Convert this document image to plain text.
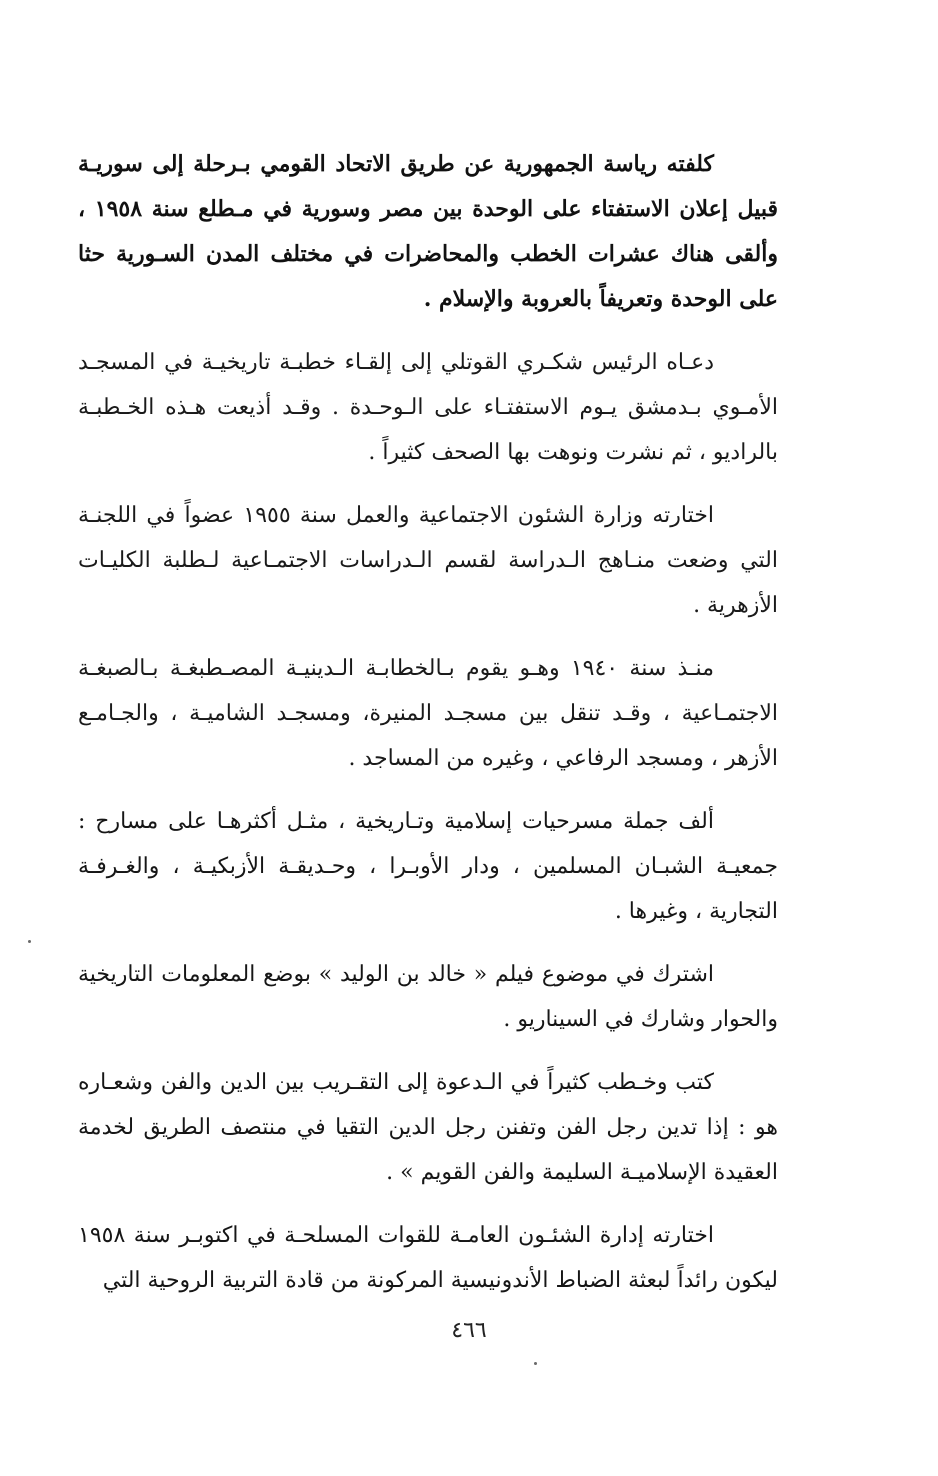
كلفته رياسة الجمهورية عن طريق الاتحاد القومي بـرحلة إلى سوريـة قبيل إعلان الاستفتاء على الوحدة بين مصر وسورية في مـطلع سنة ١٩٥٨ ، وألقى هناك عشرات الخطب والمحاضرات في مختلف المدن السـورية حثا على الوحدة وتعريفاً بالعروبة والإسلام .

دعـاه الرئيس شكـري القوتلي إلى إلقـاء خطبـة تاريخيـة في المسجـد الأمـوي بـدمشق يـوم الاستفتـاء على الـوحـدة . وقـد أذيعت هـذه الخـطبـة بالراديو ، ثم نشرت ونوهت بها الصحف كثيراً .

اختارته وزارة الشئون الاجتماعية والعمل سنة ١٩٥٥ عضواً في اللجنـة التي وضعت منـاهج الـدراسة لقسم الـدراسات الاجتمـاعية لـطلبة الكليـات الأزهرية .

منـذ سنة ١٩٤٠ وهـو يقوم بـالخطابـة الـدينيـة المصـطبغـة بـالصبغـة الاجتمـاعية ، وقـد تنقل بين مسجـد المنيرة، ومسجـد الشاميـة ، والجـامـع الأزهر ، ومسجد الرفاعي ، وغيره من المساجد .

ألف جملة مسرحيات إسلامية وتـاريخية ، مثـل أكثرهـا على مسارح : جمعيـة الشبـان المسلمين ، ودار الأوبـرا ، وحـديقـة الأزبكيـة ، والغـرفـة التجارية ، وغيرها .

اشترك في موضوع فيلم « خالد بن الوليد » بوضع المعلومات التاريخية والحوار وشارك في السيناريو .

كتب وخـطب كثيراً في الـدعوة إلى التقـريب بين الدين والفن وشعـاره هو : إذا تدين رجل الفن وتفنن رجل الدين التقيا في منتصف الطريق لخدمة العقيدة الإسلاميـة السليمة والفن القويم » .

اختارته إدارة الشئـون العامـة للقوات المسلحـة في اكتوبـر سنة ١٩٥٨ ليكون رائداً لبعثة الضباط الأندونيسية المركونة من قادة التربية الروحية التي

٤٦٦
